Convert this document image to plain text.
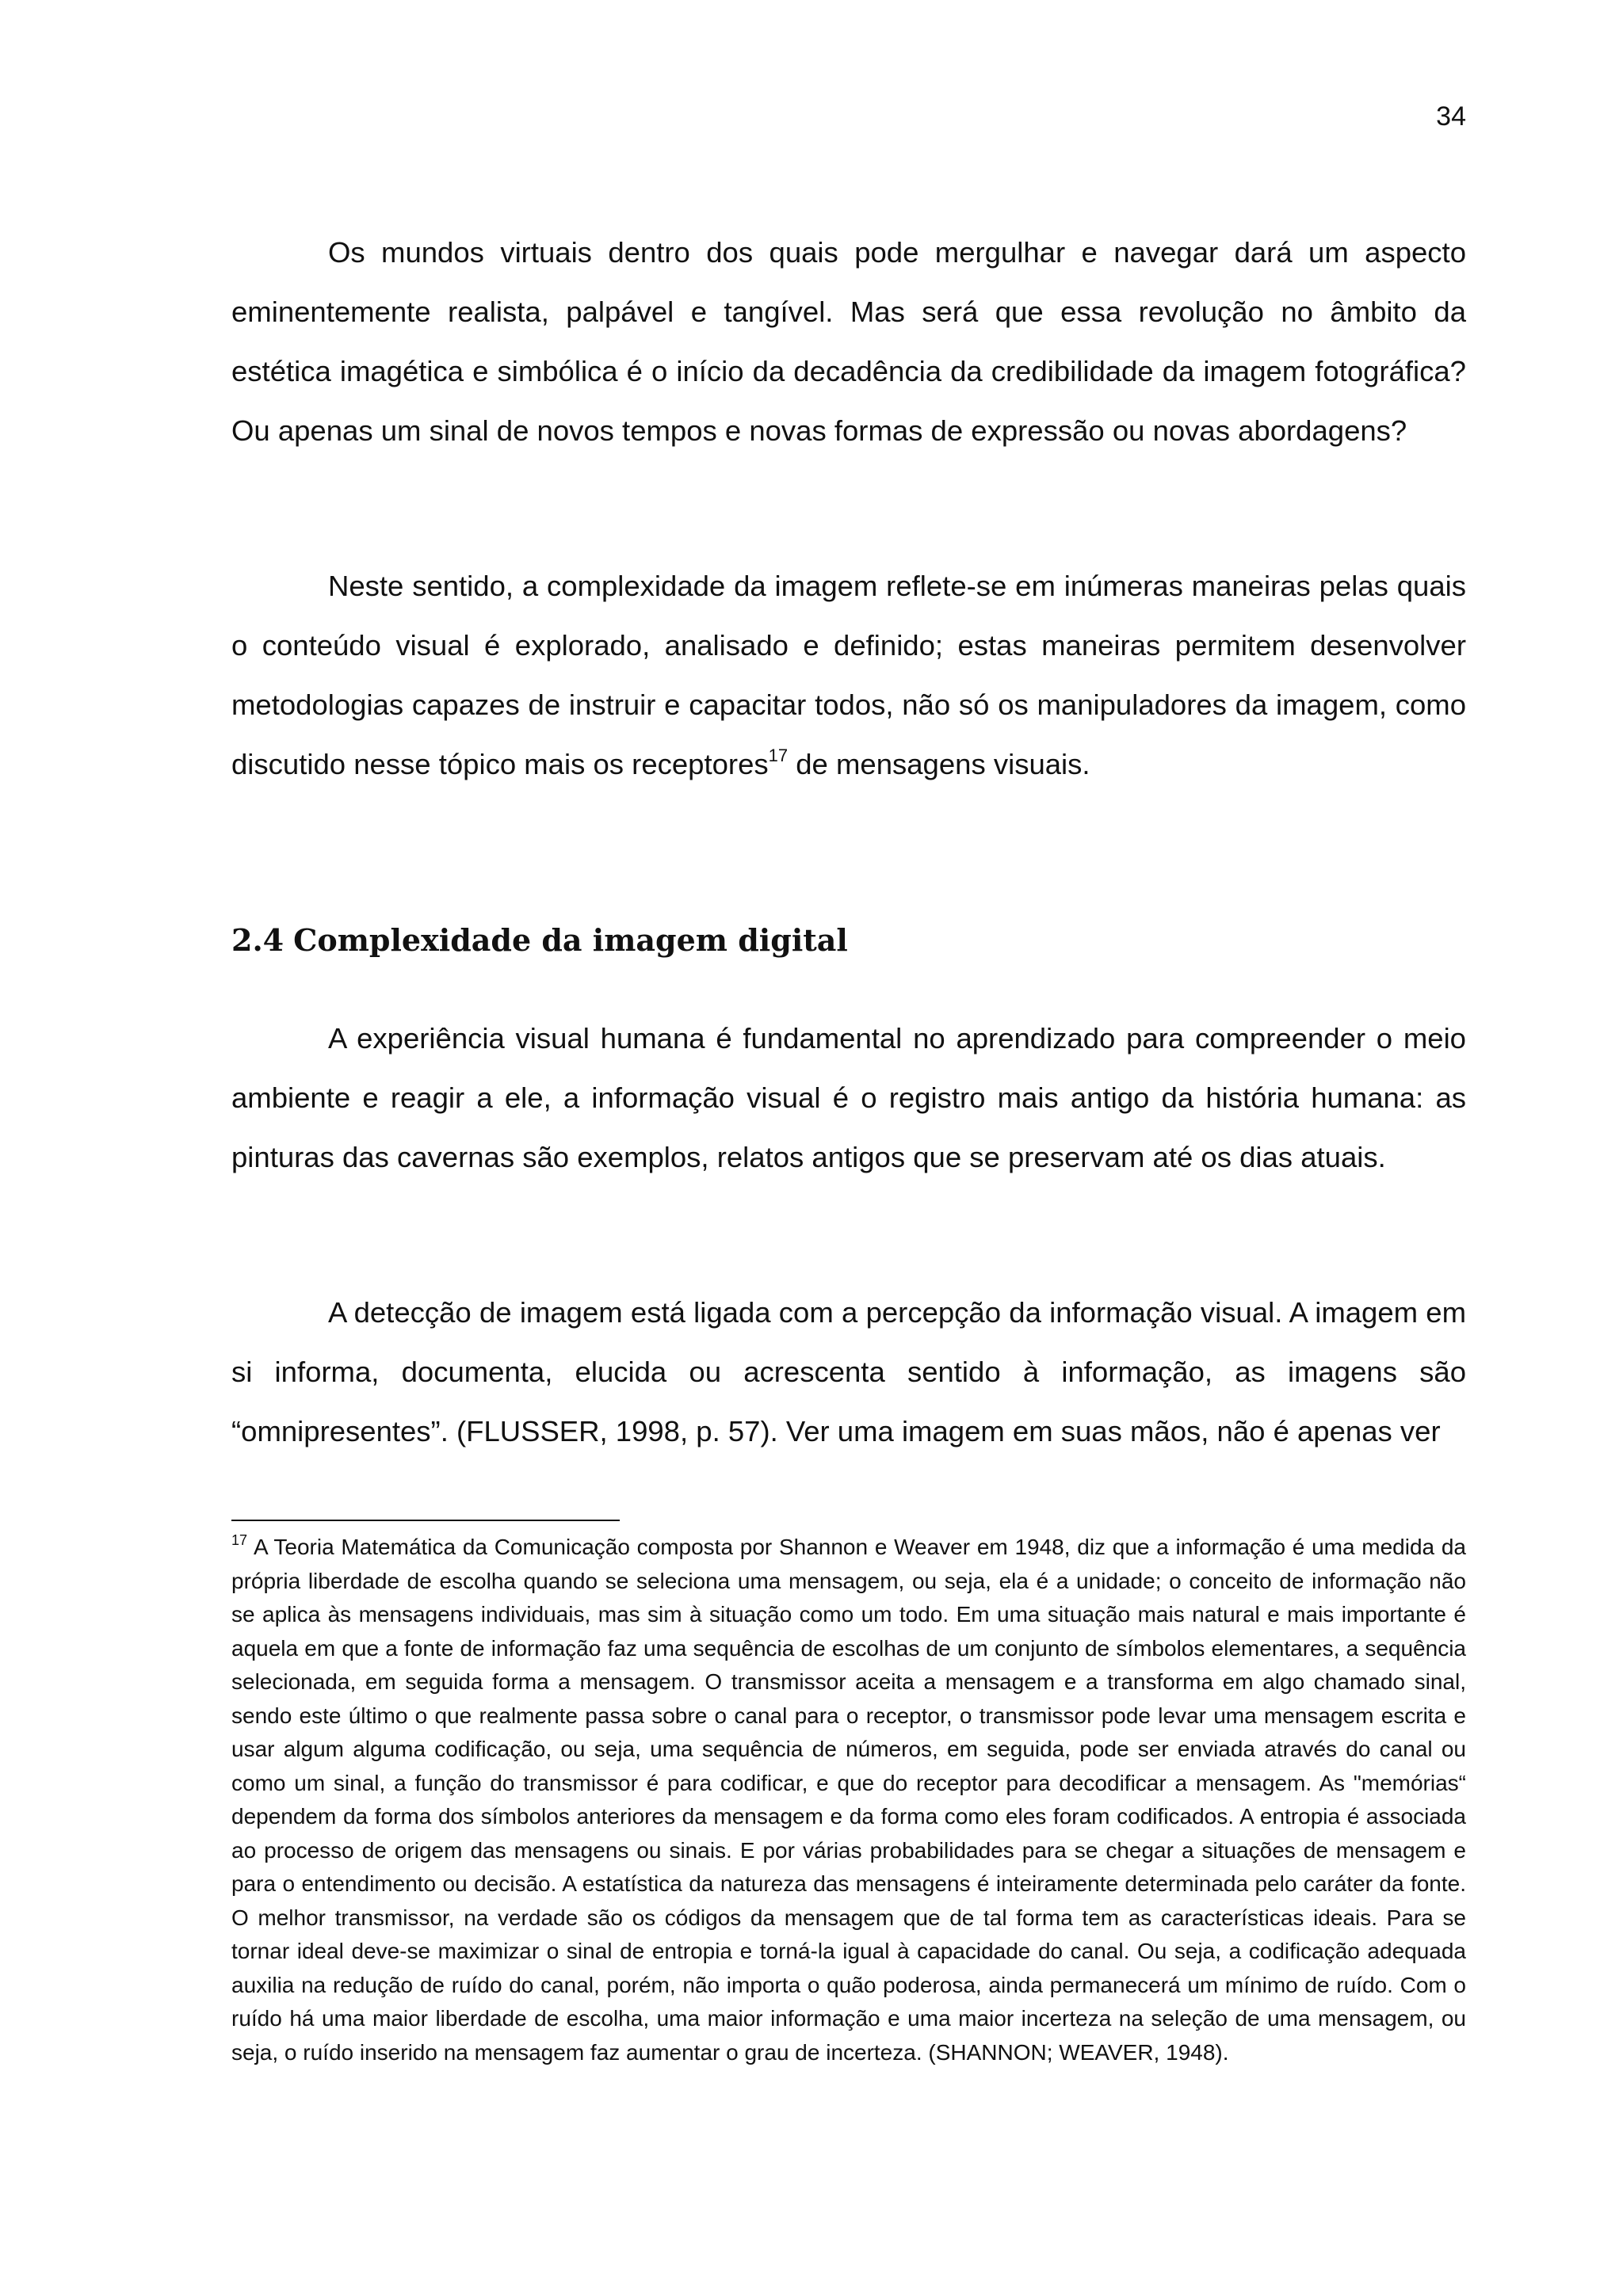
34

Os mundos virtuais dentro dos quais pode mergulhar e navegar dará um aspecto eminentemente realista, palpável e tangível. Mas será que essa revolução no âmbito da estética imagética e simbólica é o início da decadência da credibilidade da imagem fotográfica? Ou apenas um sinal de novos tempos e novas formas de expressão ou novas abordagens?

Neste sentido, a complexidade da imagem reflete-se em inúmeras maneiras pelas quais o conteúdo visual é explorado, analisado e definido; estas maneiras permitem desenvolver metodologias capazes de instruir e capacitar todos, não só os manipuladores da imagem, como discutido nesse tópico mais os receptores$^{17}$ de mensagens visuais.

2.4 Complexidade da imagem digital

A experiência visual humana é fundamental no aprendizado para compreender o meio ambiente e reagir a ele, a informação visual é o registro mais antigo da história humana: as pinturas das cavernas são exemplos, relatos antigos que se preservam até os dias atuais.

A detecção de imagem está ligada com a percepção da informação visual. A imagem em si informa, documenta, elucida ou acrescenta sentido à informação, as imagens são “omnipresentes”. (FLUSSER, 1998, p. 57). Ver uma imagem em suas mãos, não é apenas ver

$^{17}$ A Teoria Matemática da Comunicação composta por Shannon e Weaver em 1948, diz que a informação é uma medida da própria liberdade de escolha quando se seleciona uma mensagem, ou seja, ela é a unidade; o conceito de informação não se aplica às mensagens individuais, mas sim à situação como um todo. Em uma situação mais natural e mais importante é aquela em que a fonte de informação faz uma sequência de escolhas de um conjunto de símbolos elementares, a sequência selecionada, em seguida forma a mensagem. O transmissor aceita a mensagem e a transforma em algo chamado sinal, sendo este último o que realmente passa sobre o canal para o receptor, o transmissor pode levar uma mensagem escrita e usar algum alguma codificação, ou seja, uma sequência de números, em seguida, pode ser enviada através do canal ou como um sinal, a função do transmissor é para codificar, e que do receptor para decodificar a mensagem. As "memórias“ dependem da forma dos símbolos anteriores da mensagem e da forma como eles foram codificados. A entropia é associada ao processo de origem das mensagens ou sinais. E por várias probabilidades para se chegar a situações de mensagem e para o entendimento ou decisão. A estatística da natureza das mensagens é inteiramente determinada pelo caráter da fonte. O melhor transmissor, na verdade são os códigos da mensagem que de tal forma tem as características ideais. Para se tornar ideal deve-se maximizar o sinal de entropia e torná-la igual à capacidade do canal. Ou seja, a codificação adequada auxilia na redução de ruído do canal, porém, não importa o quão poderosa, ainda permanecerá um mínimo de ruído. Com o ruído há uma maior liberdade de escolha, uma maior informação e uma maior incerteza na seleção de uma mensagem, ou seja, o ruído inserido na mensagem faz aumentar o grau de incerteza. (SHANNON; WEAVER, 1948).
